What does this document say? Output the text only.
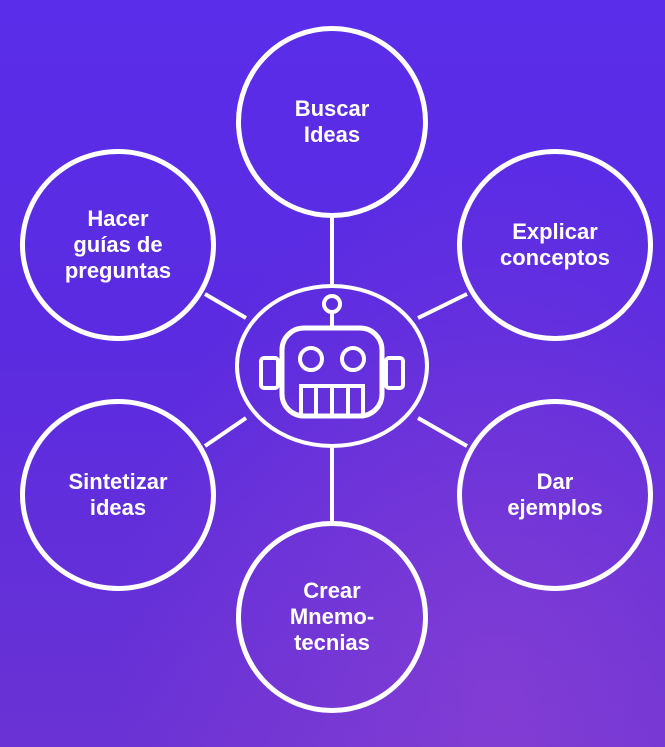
Buscar
Ideas
Hacer
guías de
preguntas
Explicar
conceptos
Sintetizar
ideas
Dar
ejemplos
Crear
Mnemo-
tecnias
